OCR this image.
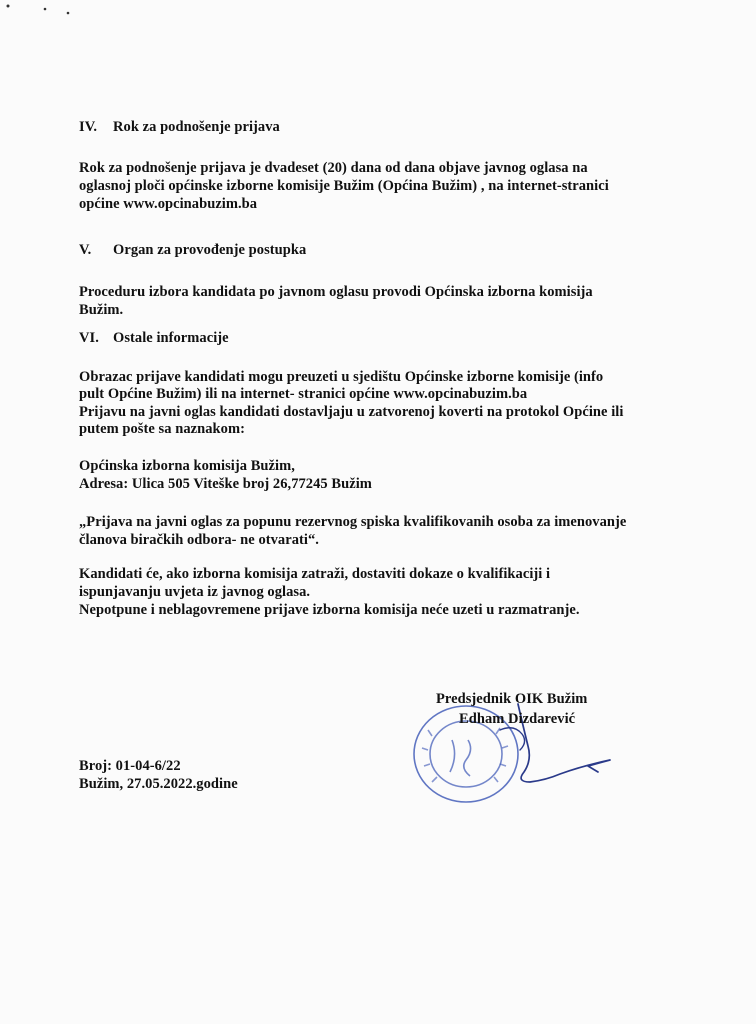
IV. Rok za podnošenje prijava
Rok za podnošenje prijava je dvadeset (20) dana od dana objave javnog oglasa na
oglasnoj ploči općinske izborne komisije Bužim (Općina Bužim) , na internet-stranici
općine www.opcinabuzim.ba
V. Organ za provođenje postupka
Proceduru izbora kandidata po javnom oglasu provodi Općinska izborna komisija
Bužim.
VI. Ostale informacije
Obrazac prijave kandidati mogu preuzeti u sjedištu Općinske izborne komisije (info
pult Općine Bužim) ili na internet- stranici općine www.opcinabuzim.ba
Prijavu na javni oglas kandidati dostavljaju u zatvorenoj koverti na protokol Općine ili
putem pošte sa naznakom:
Općinska izborna komisija Bužim,
Adresa: Ulica 505 Viteške broj 26,77245 Bužim
„Prijava na javni oglas za popunu rezervnog spiska kvalifikovanih osoba za imenovanje
članova biračkih odbora- ne otvarati“.
Kandidati će, ako izborna komisija zatraži, dostaviti dokaze o kvalifikaciji i
ispunjavanju uvjeta iz javnog oglasa.
Nepotpune i neblagovremene prijave izborna komisija neće uzeti u razmatranje.
Predsjednik OIK Bužim
Edham Dizdarević
Broj: 01-04-6/22
Bužim, 27.05.2022.godine
